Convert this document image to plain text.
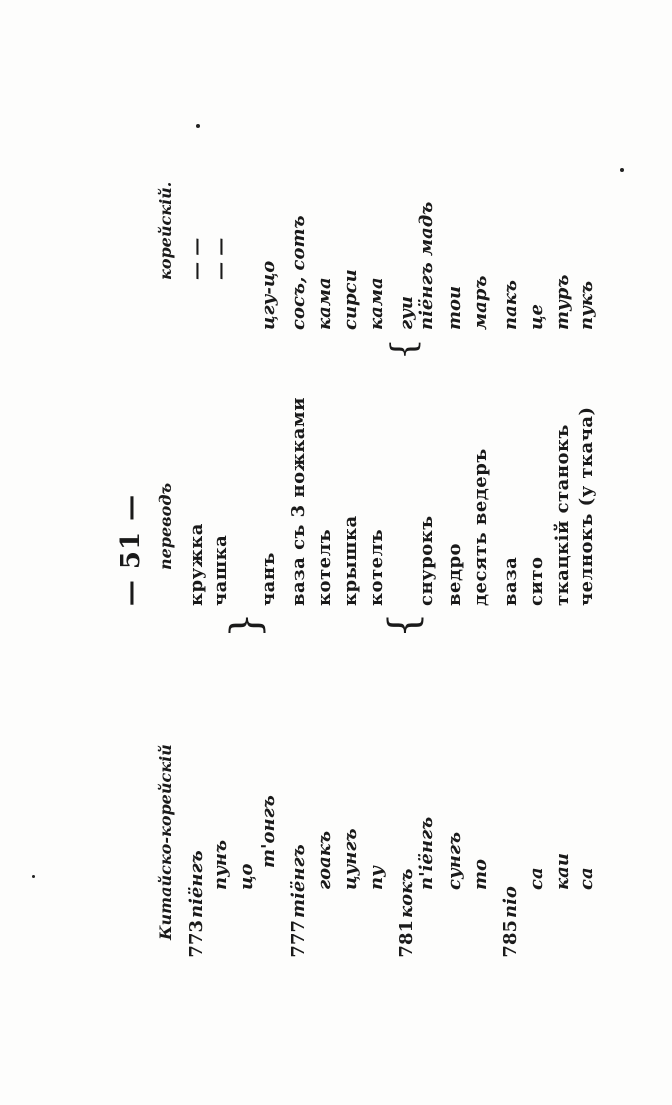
— 51 —
Китайско-корейскій
переводъ
корейскій.
773
піёнгъ
кружка
— —
пунъ
чашка
— —
цо
т'онгъ
чанъ
цгу-цо
}
777
тіёнгъ
ваза съ 3 ножками
сосъ, сотъ
гоакъ
котелъ
кама
цунгъ
крышка
сирси
пу
котелъ
кама
781
кокъ
гуи
п'іёнгъ
снурокъ
піёнгъ мадъ
{
{
сунгъ
ведро
тои
то
десять ведеръ
маръ
785
піо
ваза
пакъ
са
сито
це
каи
ткацкій станокъ
туръ
са
челнокъ (у ткача)
пукъ
